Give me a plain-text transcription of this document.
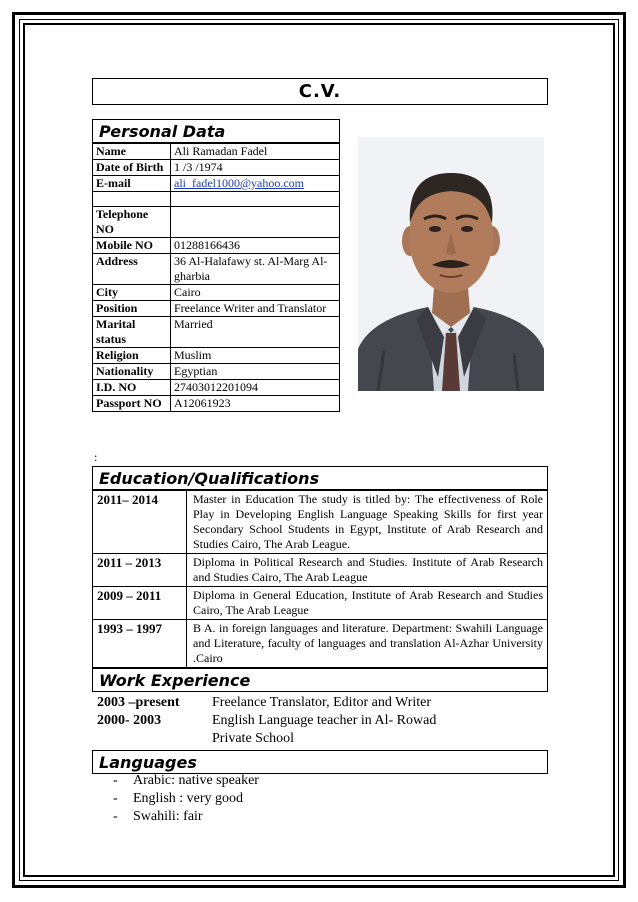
C.V.
Personal Data
Name	Ali Ramadan Fadel
Date of Birth	1 /3 /1974
E-mail	ali_fadel1000@yahoo.com

Telephone NO	
Mobile NO	01288166436
Address	36 Al-Halafawy st. Al-Marg Al-gharbia
City	Cairo
Position	Freelance Writer and Translator
Marital status	Married
Religion	Muslim
Nationality	Egyptian
I.D. NO	27403012201094
Passport NO	A12061923
:
Education/Qualifications
2011– 2014	Master in Education The study is titled by: The effectiveness of Role Play in Developing English Language Speaking Skills for first year Secondary School Students in Egypt, Institute of Arab Research and Studies Cairo, The Arab League.
2011 – 2013	Diploma in Political Research and Studies. Institute of Arab Research and Studies Cairo, The Arab League
2009 – 2011	Diploma in General Education, Institute of Arab Research and Studies Cairo, The Arab League
1993 – 1997	B A. in foreign languages and literature. Department: Swahili Language and Literature, faculty of languages and translation Al-Azhar University .Cairo
Work Experience
2003 –present Freelance Translator, Editor and Writer
2000- 2003	English Language teacher in Al- Rowad
Private School
Languages
- Arabic: native speaker
- English : very good
- Swahili: fair
